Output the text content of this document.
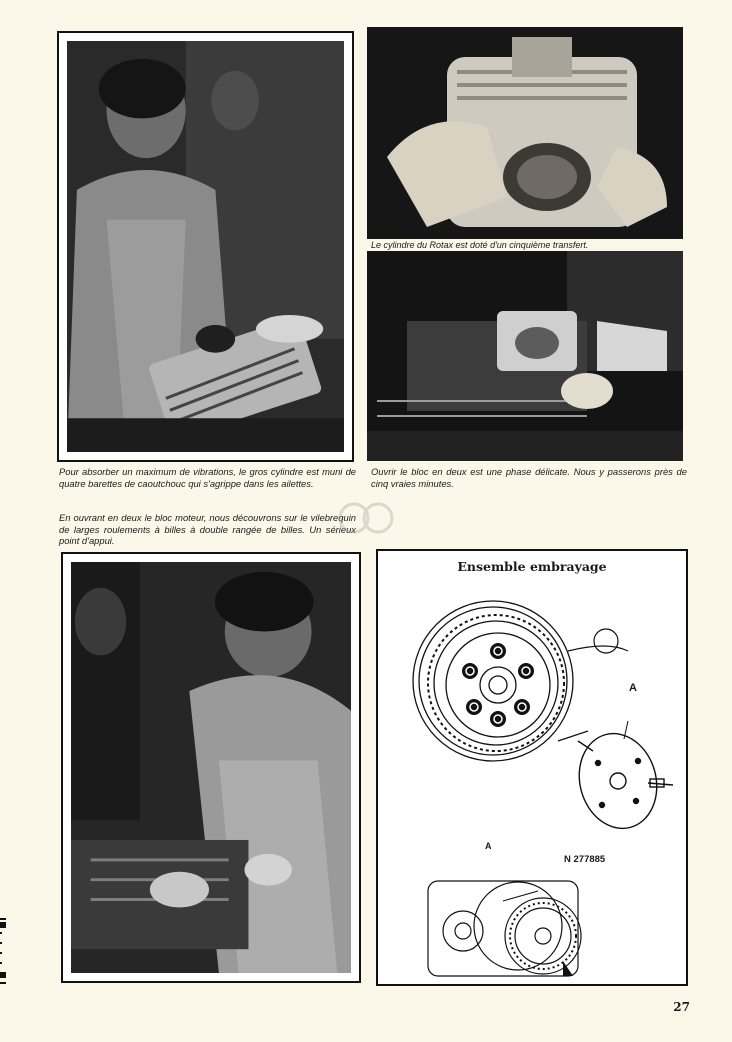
Le cylindre du Rotax est doté d'un cinquième transfert.

Pour absorber un maximum de vibrations, le gros cylindre est muni de quatre barettes de caoutchouc qui s'agrippe dans les ailettes.

Ouvrir le bloc en deux est une phase délicate. Nous y passerons près de cinq vraies minutes.

En ouvrant en deux le bloc moteur, nous découvrons sur le vilebrequin de larges roulements à billes à double rangée de billes. Un sérieux point d'appui.

Ensemble embrayage
A
A
N 277885
27
